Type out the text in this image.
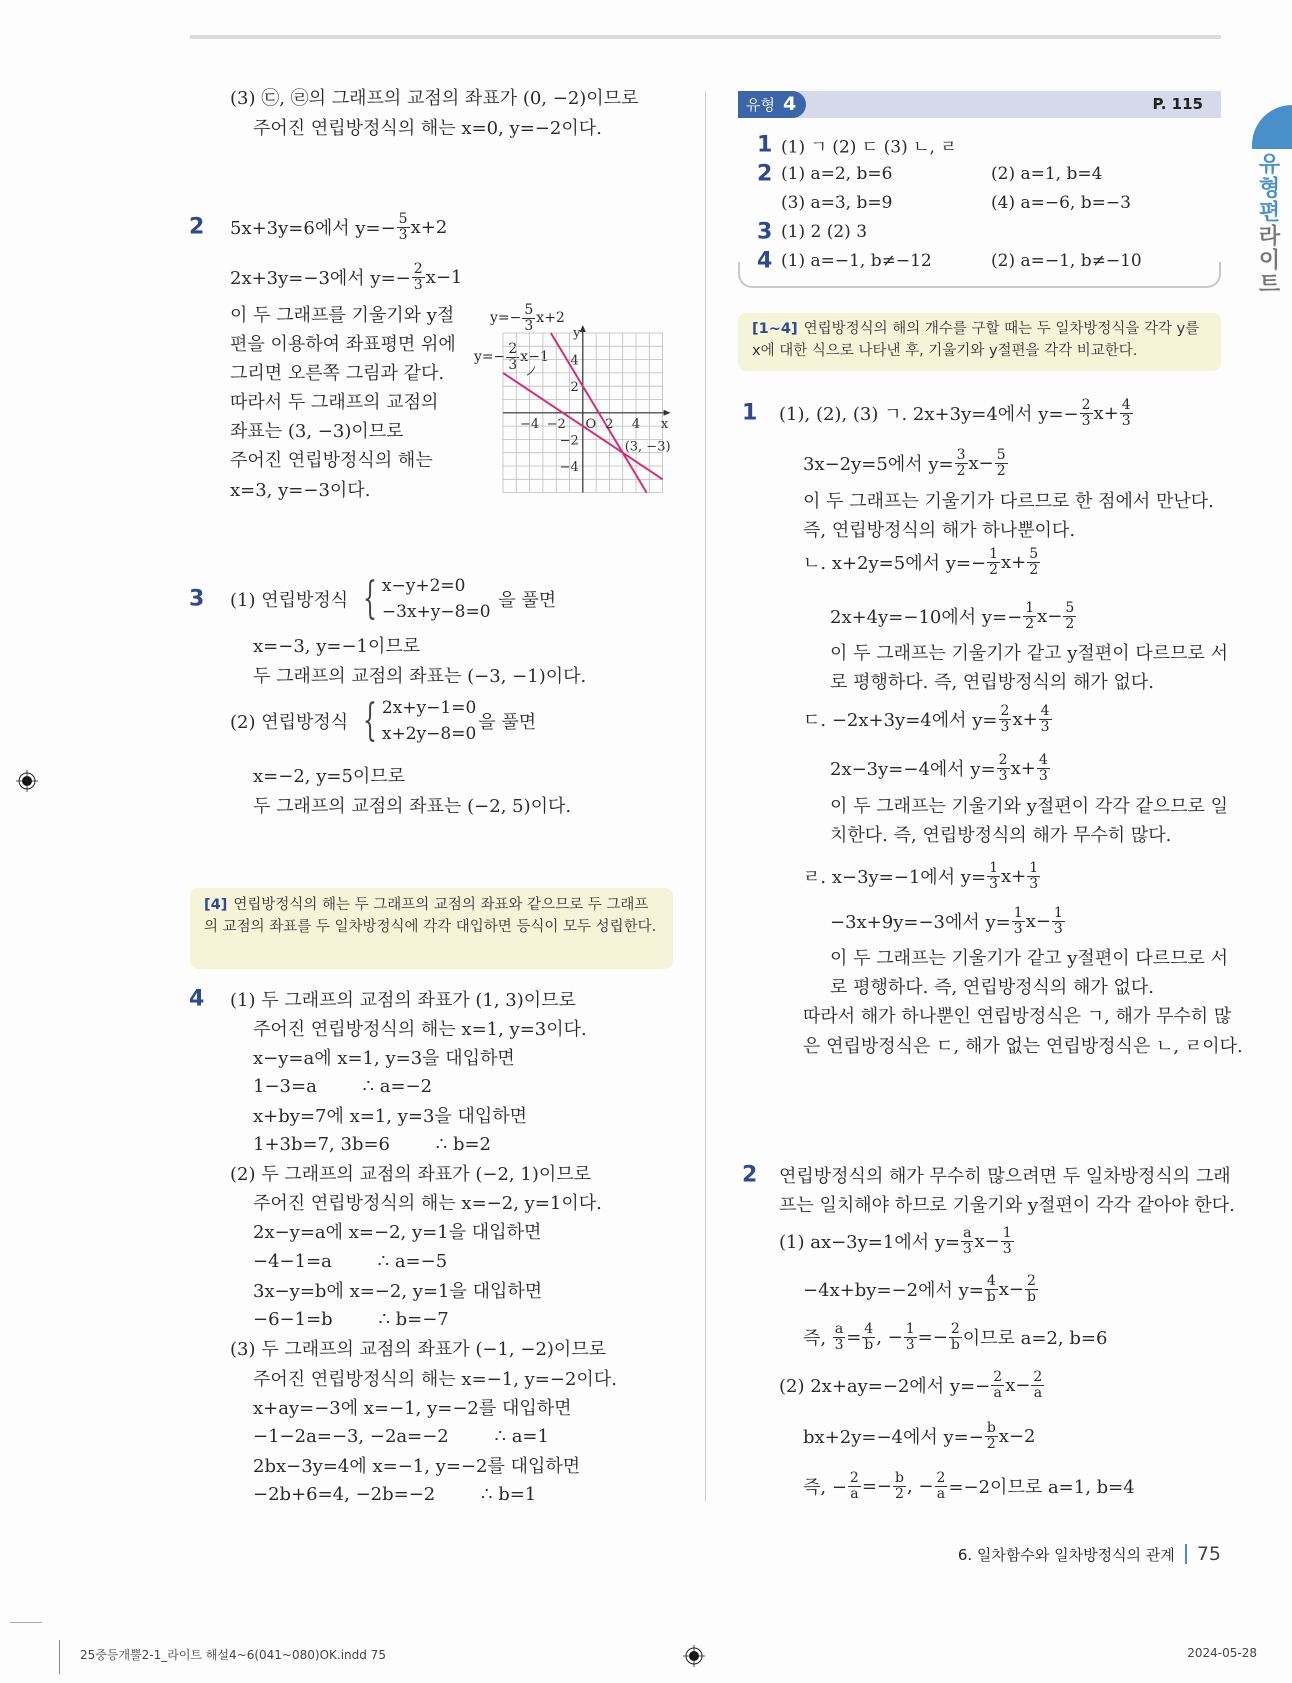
(3) ㉢, ㉣의 그래프의 교점의 좌표가 (0, −2)이므로
주어진 연립방정식의 해는 x=0, y=−2이다.
2 5x+3y=6에서 $y=- \frac{5}{3} x+2$
2x+3y=−3에서 $y=- \frac{2}{3} x-1$
이 두 그래프를 기울기와 y절
편을 이용하여 좌표평면 위에
그리면 오른쪽 그림과 같다.
따라서 두 그래프의 교점의
좌표는 (3, −3)이므로
주어진 연립방정식의 해는
x=3, y=−3이다.
$y=- \frac{5}{3} x+2$
$y=- \frac{2}{3} x-1$
−4 −2	2 4
4
2
−2
−4
x
y
O
(3, −3)
3 (1) 연립방정식 { x−y+2=0
−3x+y−8=0
을 풀면
x=−3, y=−1이므로
두 그래프의 교점의 좌표는 (−3, −1)이다.
(2) 연립방정식 { 2x+y−1=0
x+2y−8=0
을 풀면
x=−2, y=5이므로
두 그래프의 교점의 좌표는 (−2, 5)이다.
[4] 연립방정식의 해는 두 그래프의 교점의 좌표와 같으므로 두 그래프의 교점의 좌표를 두 일차방정식에 각각 대입하면 등식이 모두 성립한다.
4 (1) 두 그래프의 교점의 좌표가 (1, 3)이므로
주어진 연립방정식의 해는 x=1, y=3이다.
x−y=a에 x=1, y=3을 대입하면
1−3=a        ∴ a=−2
x+by=7에 x=1, y=3을 대입하면
1+3b=7, 3b=6        ∴ b=2
(2) 두 그래프의 교점의 좌표가 (−2, 1)이므로
주어진 연립방정식의 해는 x=−2, y=1이다.
2x−y=a에 x=−2, y=1을 대입하면
−4−1=a        ∴ a=−5
3x−y=b에 x=−2, y=1을 대입하면
−6−1=b        ∴ b=−7
(3) 두 그래프의 교점의 좌표가 (−1, −2)이므로
주어진 연립방정식의 해는 x=−1, y=−2이다.
x+ay=−3에 x=−1, y=−2를 대입하면
−1−2a=−3, −2a=−2        ∴ a=1
2bx−3y=4에 x=−1, y=−2를 대입하면
−2b+6=4, −2b=−2        ∴ b=1
유형 4	P. 115
1 (1) ㄱ (2) ㄷ (3) ㄴ, ㄹ
2 (1) a=2, b=6	(2) a=1, b=4
(3) a=3, b=9	(4) a=−6, b=−3
3 (1) 2 (2) 3
4 (1) a=−1, b≠−12	(2) a=−1, b≠−10
[1~4] 연립방정식의 해의 개수를 구할 때는 두 일차방정식을 각각 y를 x에 대한 식으로 나타낸 후, 기울기와 y절편을 각각 비교한다.
1 (1), (2), (3) ㄱ. 2x+3y=4에서 $y=- \frac{2}{3} x+ \frac{4}{3}$
3x−2y=5에서 $y= \frac{3}{2} x- \frac{5}{2}$
이 두 그래프는 기울기가 다르므로 한 점에서 만난다.
즉, 연립방정식의 해가 하나뿐이다.
ㄴ. x+2y=5에서 $y=- \frac{1}{2} x+ \frac{5}{2}$
2x+4y=−10에서 $y=- \frac{1}{2} x- \frac{5}{2}$
이 두 그래프는 기울기가 같고 y절편이 다르므로 서
로 평행하다. 즉, 연립방정식의 해가 없다.
ㄷ. −2x+3y=4에서 $y= \frac{2}{3} x+ \frac{4}{3}$
2x−3y=−4에서 $y= \frac{2}{3} x+ \frac{4}{3}$
이 두 그래프는 기울기와 y절편이 각각 같으므로 일
치한다. 즉, 연립방정식의 해가 무수히 많다.
ㄹ. x−3y=−1에서 $y= \frac{1}{3} x+ \frac{1}{3}$
−3x+9y=−3에서 $y= \frac{1}{3} x- \frac{1}{3}$
이 두 그래프는 기울기가 같고 y절편이 다르므로 서
로 평행하다. 즉, 연립방정식의 해가 없다.
따라서 해가 하나뿐인 연립방정식은 ㄱ, 해가 무수히 많
은 연립방정식은 ㄷ, 해가 없는 연립방정식은 ㄴ, ㄹ이다.
2 연립방정식의 해가 무수히 많으려면 두 일차방정식의 그래
프는 일치해야 하므로 기울기와 y절편이 각각 같아야 한다.
(1) ax−3y=1에서 $y= \frac{a}{3} x- \frac{1}{3}$
−4x+by=−2에서 $y= \frac{4}{b} x- \frac{2}{b}$
즉, $\frac{a}{3} = \frac{4}{b}$ , − $\frac{1}{3} =- \frac{2}{b}$ 이므로 a=2, b=6
(2) 2x+ay=−2에서 $y=- \frac{2}{a} x- \frac{2}{a}$
bx+2y=−4에서 $y=- \frac{b}{2} x-2$
즉, − $\frac{2}{a} =- \frac{b}{2}$ , − $\frac{2}{a} =-2$이므로 a=1, b=4
유형편라이트
6. 일차함수와 일차방정식의 관계 75
25중등개뿔2-1_라이트 해설4~6(041~080)OK.indd 75	2024-05-28
